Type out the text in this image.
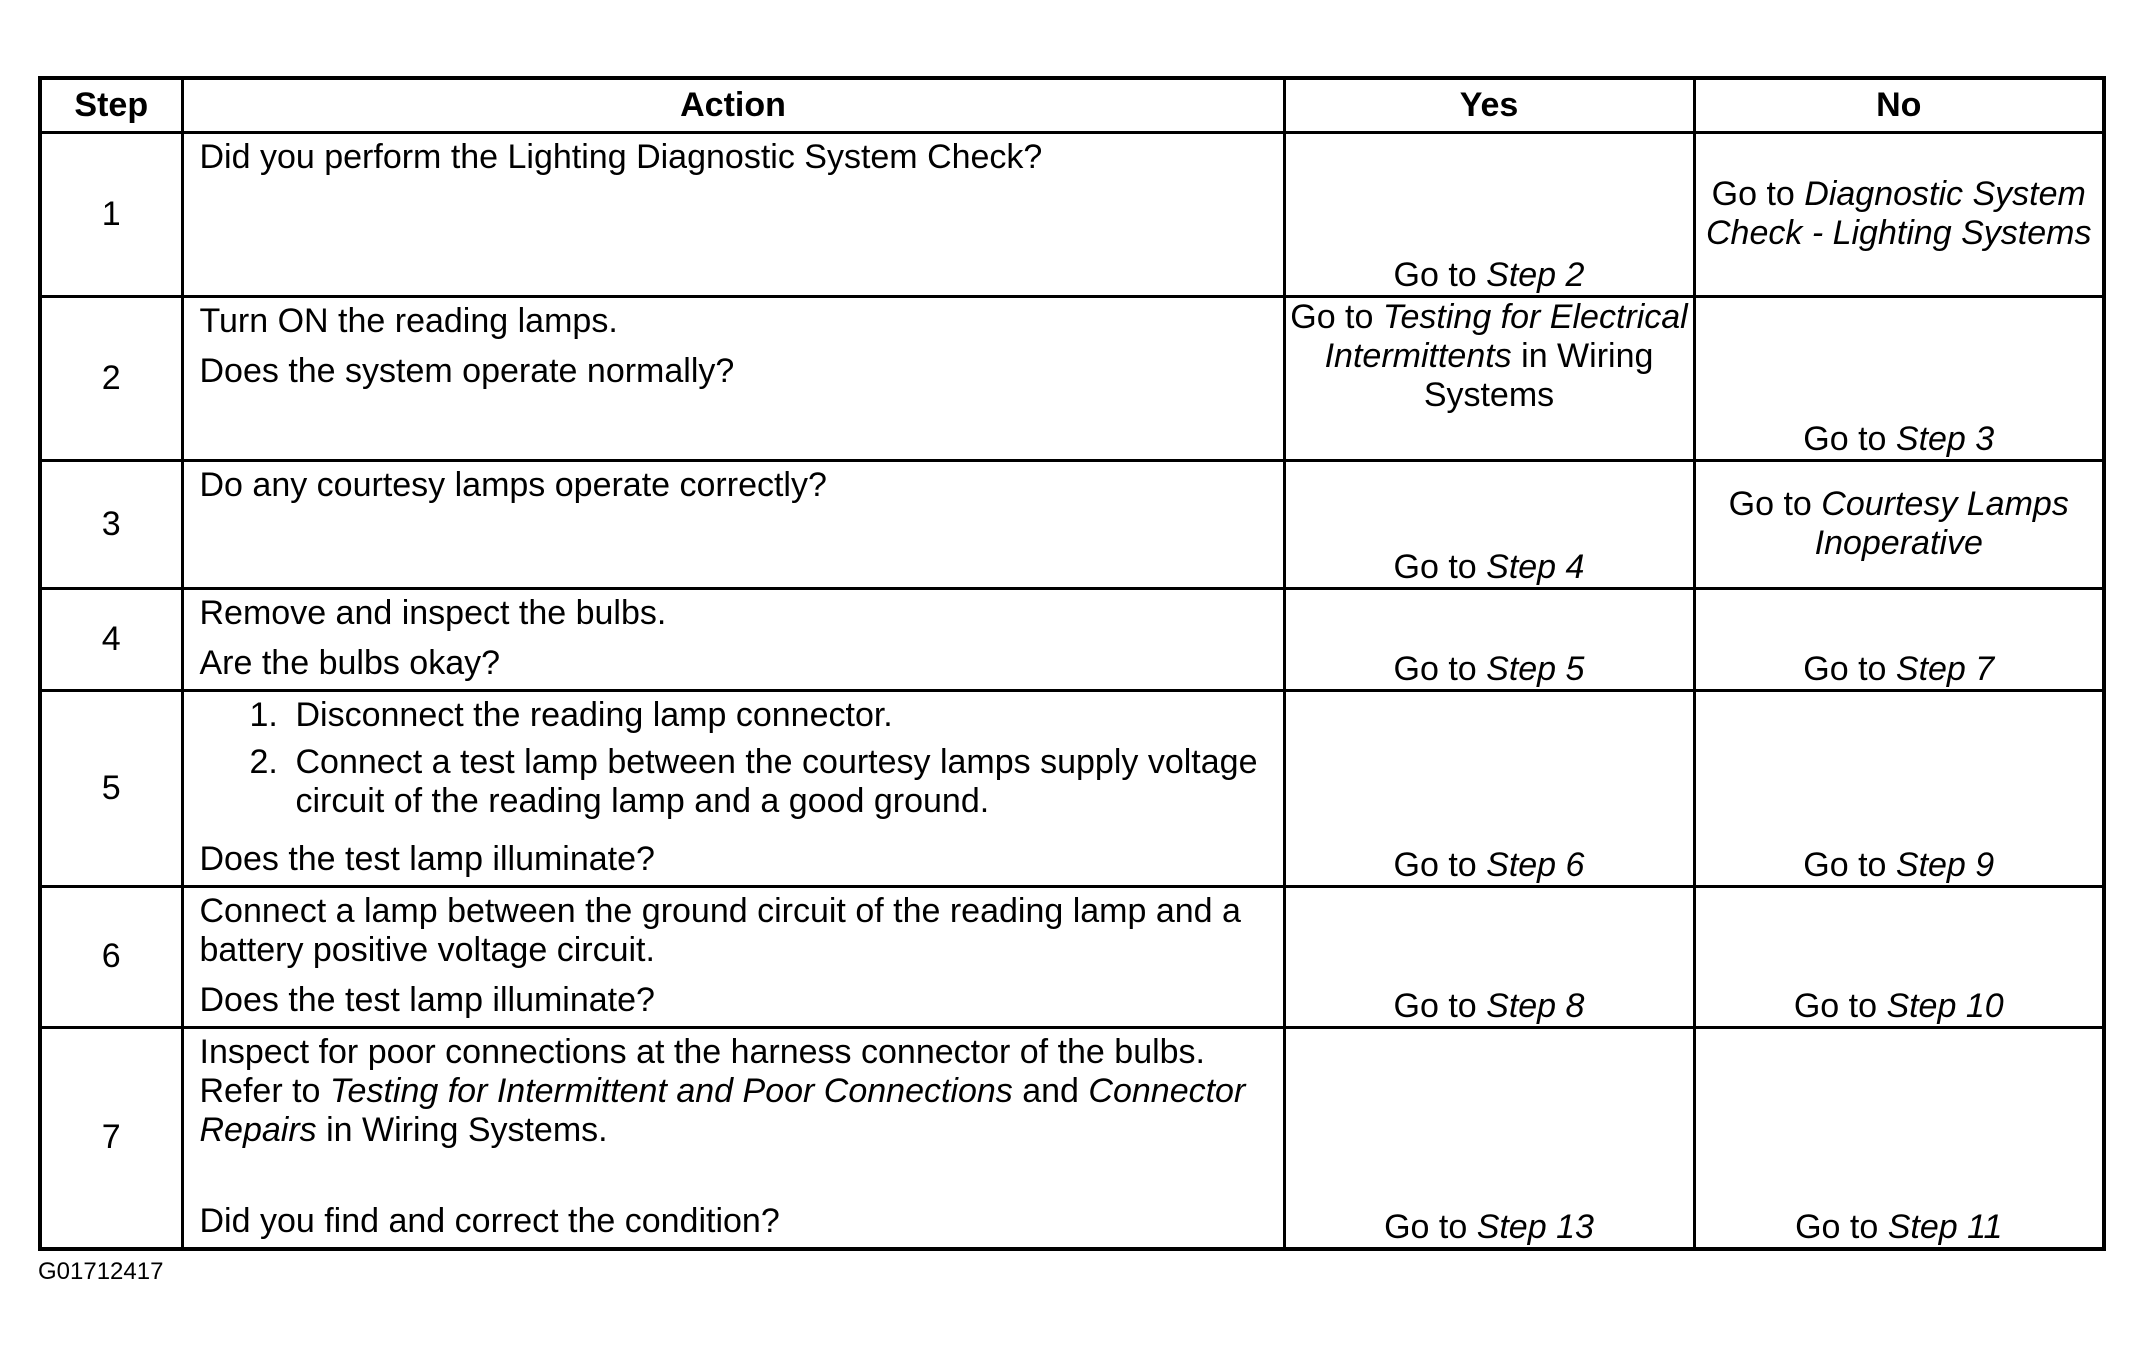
Step	Action	Yes	No
1	Did you perform the Lighting Diagnostic System Check?	Go to Step 2	Go to Diagnostic System Check - Lighting Systems
2	Turn ON the reading lamps.

Does the system operate normally?	Go to Testing for Electrical Intermittents in Wiring Systems	Go to Step 3
3	Do any courtesy lamps operate correctly?	Go to Step 4	Go to Courtesy Lamps Inoperative
4	Remove and inspect the bulbs.

Are the bulbs okay?	Go to Step 5	Go to Step 7
5	1. Disconnect the reading lamp connector.
2. Connect a test lamp between the courtesy lamps supply voltage circuit of the reading lamp and a good ground.

Does the test lamp illuminate?	Go to Step 6	Go to Step 9
6	Connect a lamp between the ground circuit of the reading lamp and a battery positive voltage circuit.

Does the test lamp illuminate?	Go to Step 8	Go to Step 10
7	Inspect for poor connections at the harness connector of the bulbs. Refer to Testing for Intermittent and Poor Connections and Connector Repairs in Wiring Systems.

Did you find and correct the condition?	Go to Step 13	Go to Step 11
G01712417
